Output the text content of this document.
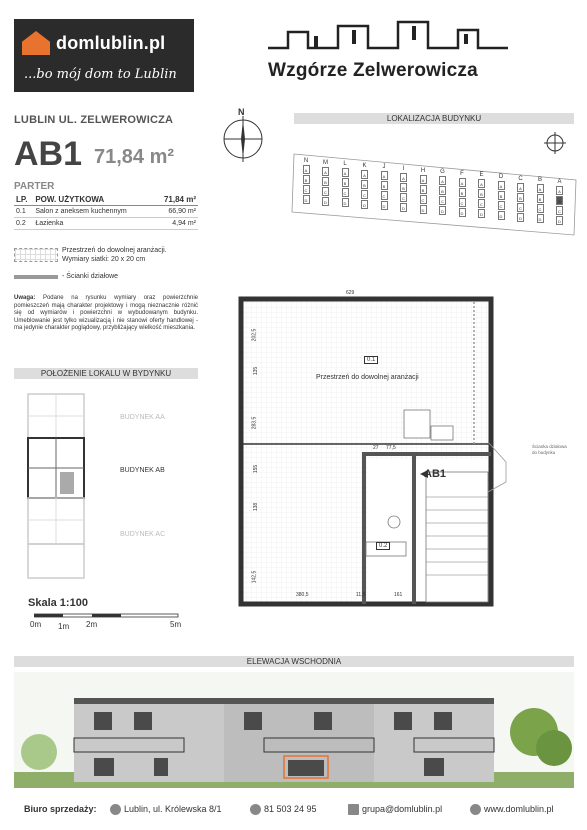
domlublin.pl
...bo mój dom to Lublin	Wzgórze Zelwerowicza
LUBLIN UL. ZELWEROWICZA
AB1 71,84 m²
PARTER
LP.	POW. UŻYTKOWA	71,84 m²
0.1	Salon z aneksem kuchennym	66,90 m²
0.2	Łazienka	4,94 m²
Przestrzeń do dowolnej aranżacji.
Wymiary siatki: 20 x 20 cm
- Ścianki działowe
Uwaga: Podane na rysunku wymiary oraz powierzchnie pomieszczeń mają charakter projektowy i mogą nieznacznie różnić się od wymiarów i powierzchni w wybudowanym budynku. Umeblowanie jest tylko wizualizacją i nie stanowi oferty handlowej - ma jedynie charakter poglądowy, przybliżający wielkość mieszkania.
POŁOŻENIE LOKALU W BYDYNKU
BUDYNEK AA
BUDYNEK AB
BUDYNEK AC
N
LOKALIZACJA BUDYNKU
N
A
B
C
D
M
A
B
C
D
L
A
B
C
D
K
A
B
C
D
J
A
B
C
D
I
A
B
C
D
H
A
B
C
D
G
A
B
C
D
F
A
B
C
D
E
A
B
C
D
D
A
B
C
D
C
A
B
C
D
B
A
B
C
D
A
A
B
C
D
629
0.1
Przestrzeń do dowolnej aranżacji
27 77,5
AB1
0.2
202,5
135
283,5
155
138
142,5
380,5	11,5	161
Ścianka działowa do budynku
Skala 1:100
0m 1m 2m	5m
ELEWACJA WSCHODNIA
Biuro sprzedaży:	Lublin, ul. Królewska 8/1	81 503 24 95	grupa@domlublin.pl	www.domlublin.pl
